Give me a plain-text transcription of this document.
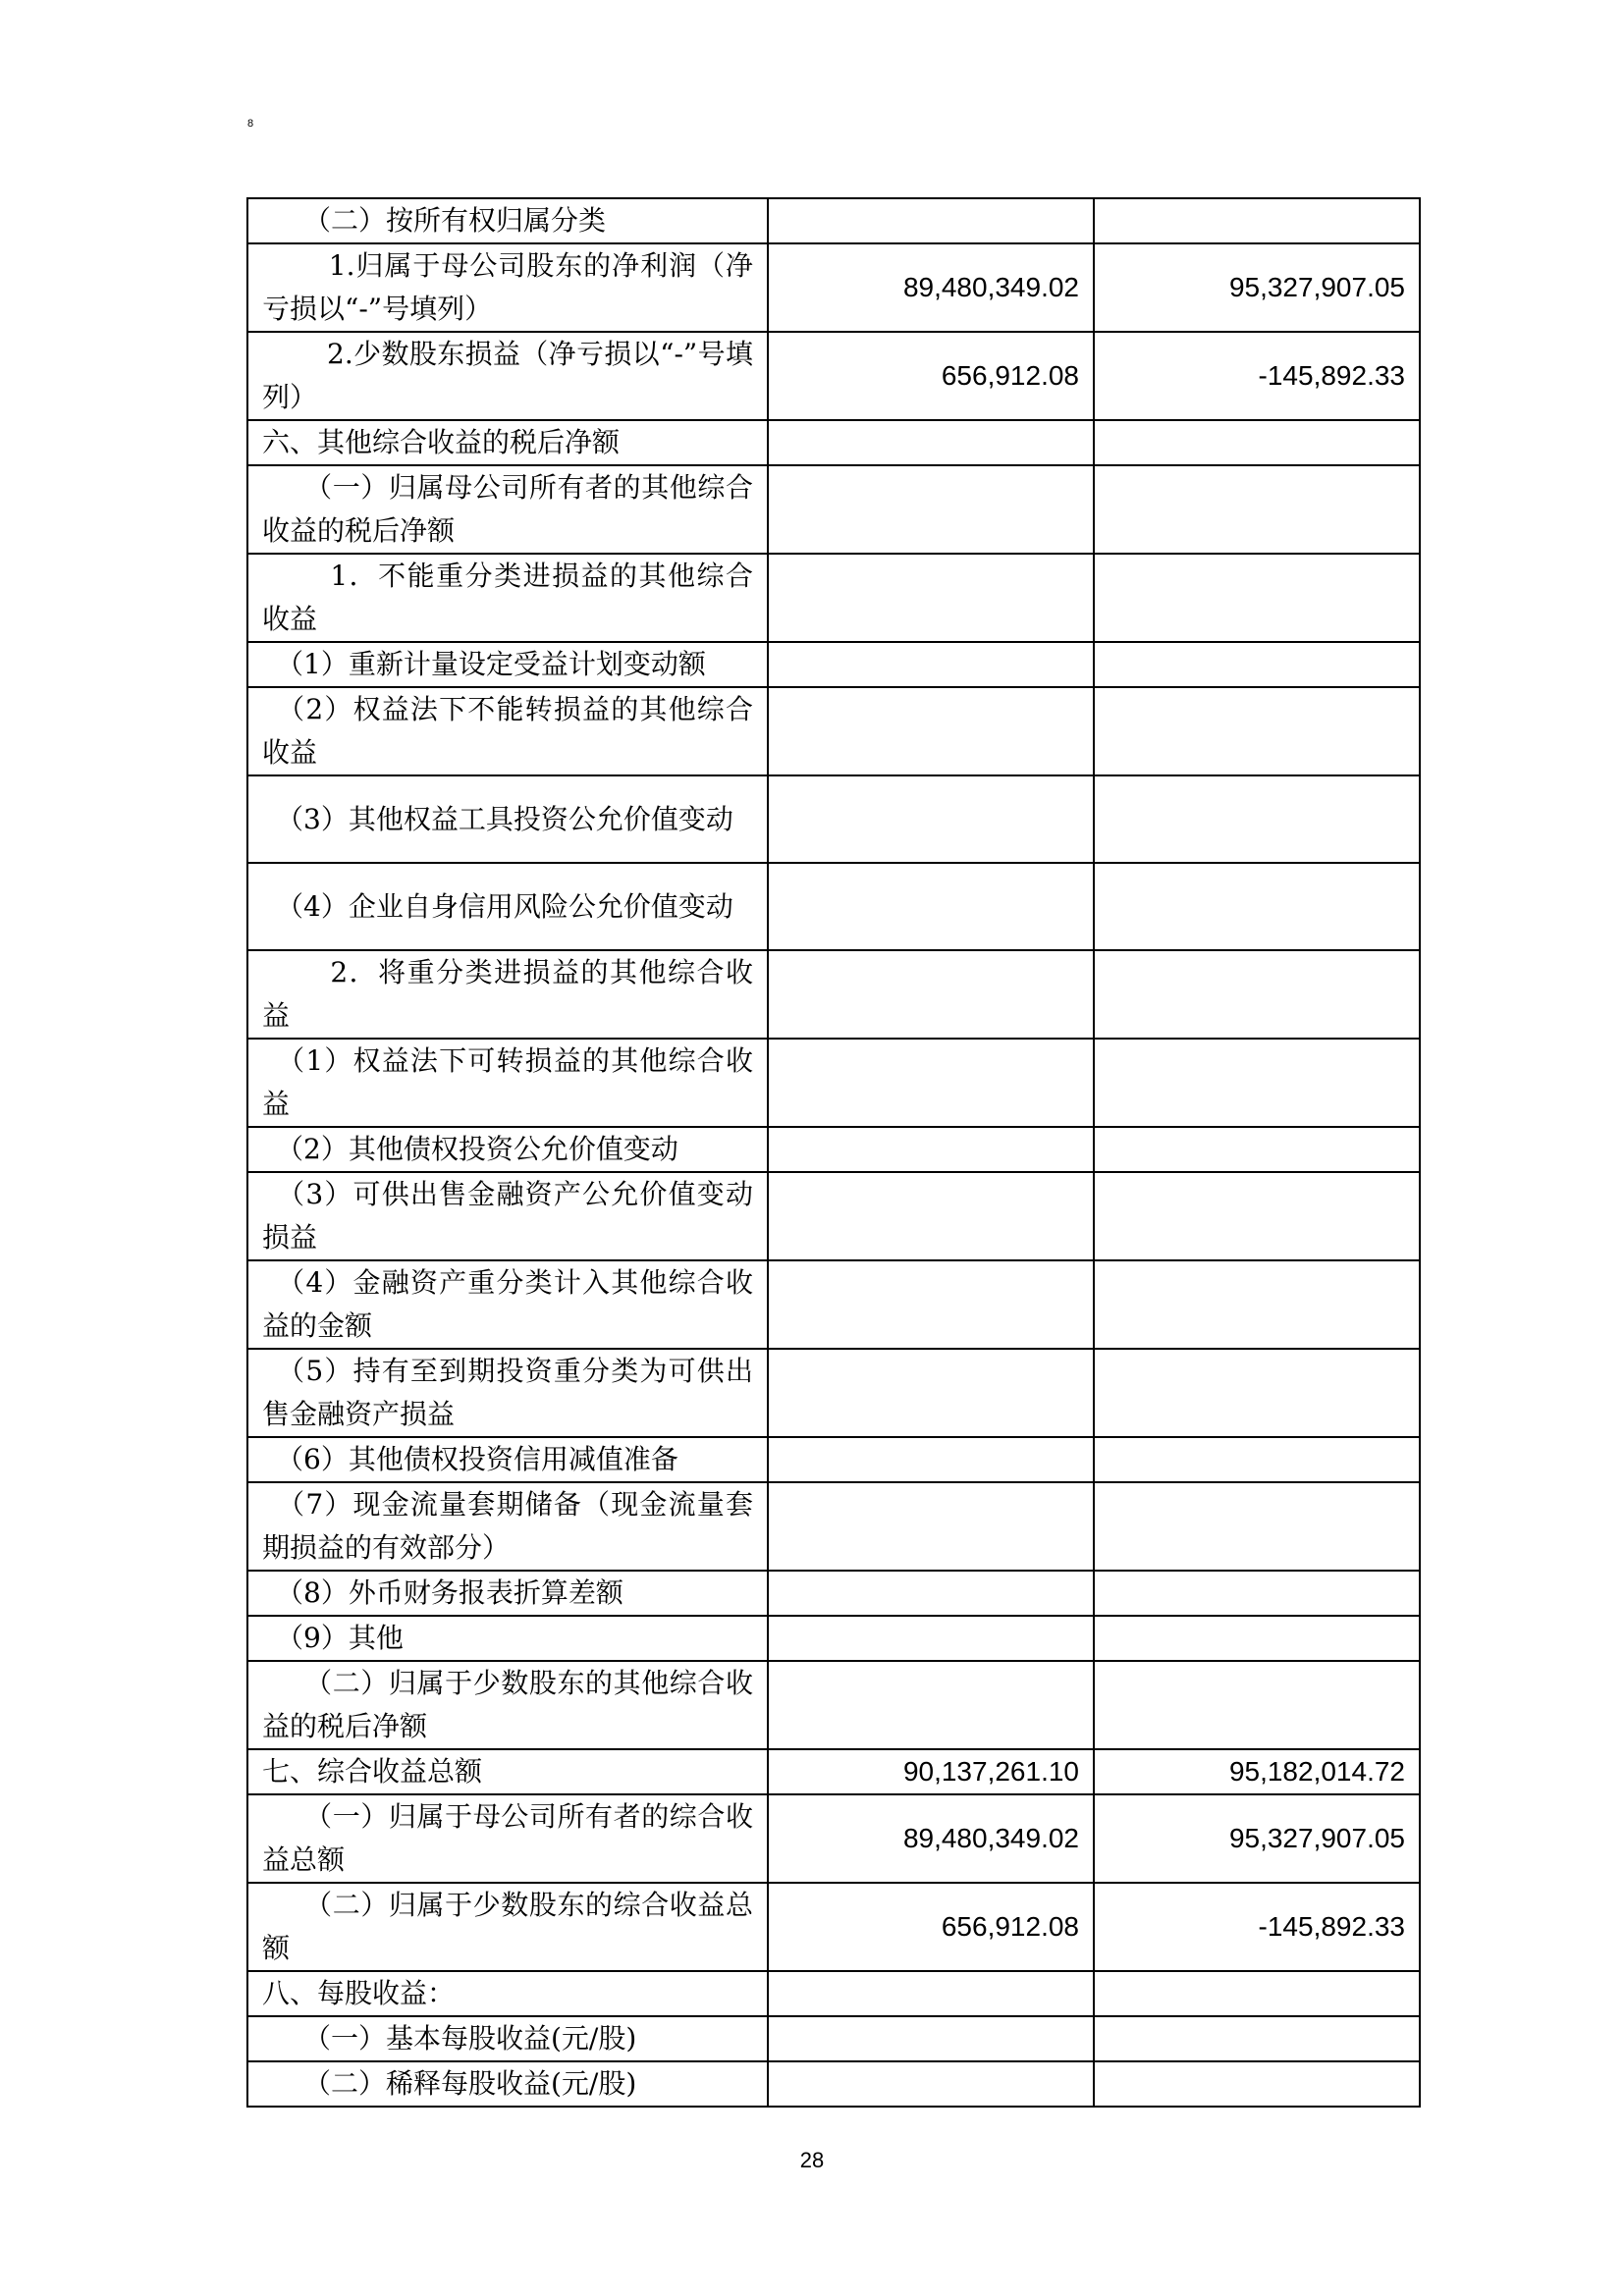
8
　　（二）按所有权归属分类		
　　 1.归属于母公司股东的净利润（净亏损以“-”号填列）	89,480,349.02	95,327,907.05
　　 2.少数股东损益（净亏损以“-”号填列）	656,912.08	-145,892.33
六、其他综合收益的税后净额		
　　（一）归属母公司所有者的其他综合收益的税后净额		
　　 1．不能重分类进损益的其他综合收益		
　（1）重新计量设定受益计划变动额		
　（2）权益法下不能转损益的其他综合收益		
　（3）其他权益工具投资公允价值变动		
　（4）企业自身信用风险公允价值变动		
　　 2．将重分类进损益的其他综合收益		
　（1）权益法下可转损益的其他综合收益		
　（2）其他债权投资公允价值变动		
　（3）可供出售金融资产公允价值变动损益		
　（4）金融资产重分类计入其他综合收益的金额		
　（5）持有至到期投资重分类为可供出售金融资产损益		
　（6）其他债权投资信用减值准备		
　（7）现金流量套期储备（现金流量套期损益的有效部分）		
　（8）外币财务报表折算差额		
　（9）其他		
　　（二）归属于少数股东的其他综合收益的税后净额		
七、综合收益总额	90,137,261.10	95,182,014.72
　　（一）归属于母公司所有者的综合收益总额	89,480,349.02	95,327,907.05
　　（二）归属于少数股东的综合收益总额	656,912.08	-145,892.33
八、每股收益：		
　　（一）基本每股收益(元/股)		
　　（二）稀释每股收益(元/股)		
28
